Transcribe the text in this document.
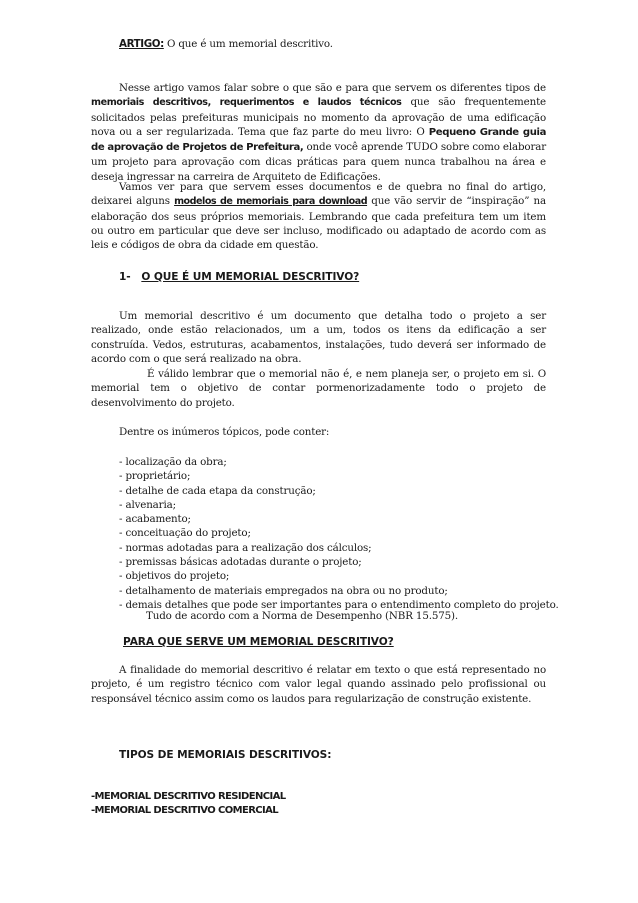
ARTIGO: O que é um memorial descritivo.

Nesse artigo vamos falar sobre o que são e para que servem os diferentes tipos de memoriais descritivos, requerimentos e laudos técnicos que são frequentemente solicitados pelas prefeituras municipais no momento da aprovação de uma edificação nova ou a ser regularizada. Tema que faz parte do meu livro: O Pequeno Grande guia de aprovação de Projetos de Prefeitura, onde você aprende TUDO sobre como elaborar um projeto para aprovação com dicas práticas para quem nunca trabalhou na área e deseja ingressar na carreira de Arquiteto de Edificações.

Vamos ver para que servem esses documentos e de quebra no final do artigo, deixarei alguns modelos de memoriais para download que vão servir de “inspiração” na elaboração dos seus próprios memoriais. Lembrando que cada prefeitura tem um item ou outro em particular que deve ser incluso, modificado ou adaptado de acordo com as leis e códigos de obra da cidade em questão.

1- O QUE É UM MEMORIAL DESCRITIVO?

Um memorial descritivo é um documento que detalha todo o projeto a ser realizado, onde estão relacionados, um a um, todos os itens da edificação a ser construída. Vedos, estruturas, acabamentos, instalações, tudo deverá ser informado de acordo com o que será realizado na obra.

É válido lembrar que o memorial não é, e nem planeja ser, o projeto em si. O memorial tem o objetivo de contar pormenorizadamente todo o projeto de desenvolvimento do projeto.

Dentre os inúmeros tópicos, pode conter:

- localização da obra;
- proprietário;
- detalhe de cada etapa da construção;
- alvenaria;
- acabamento;
- conceituação do projeto;
- normas adotadas para a realização dos cálculos;
- premissas básicas adotadas durante o projeto;
- objetivos do projeto;
- detalhamento de materiais empregados na obra ou no produto;
- demais detalhes que pode ser importantes para o entendimento completo do projeto.

Tudo de acordo com a Norma de Desempenho (NBR 15.575).

PARA QUE SERVE UM MEMORIAL DESCRITIVO?

A finalidade do memorial descritivo é relatar em texto o que está representado no projeto, é um registro técnico com valor legal quando assinado pelo profissional ou responsável técnico assim como os laudos para regularização de construção existente.

TIPOS DE MEMORIAIS DESCRITIVOS:
-MEMORIAL DESCRITIVO RESIDENCIAL
-MEMORIAL DESCRITIVO COMERCIAL
